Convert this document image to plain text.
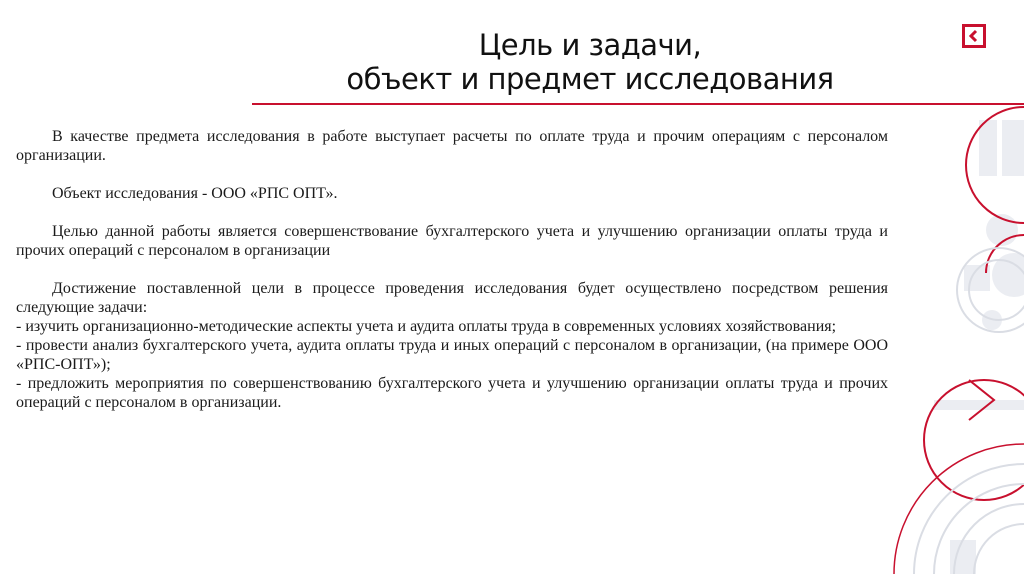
Цель и задачи,
объект и предмет исследования

В качестве предмета исследования в работе выступает расчеты по оплате труда и прочим операциям с персоналом организации.

Объект исследования - ООО «РПС ОПТ».

Целью данной работы является совершенствование бухгалтерского учета и улучшению организации оплаты труда и прочих операций с персоналом в организации

Достижение поставленной цели в процессе проведения исследования будет осуществлено посредством решения следующие задачи:

- изучить организационно-методические аспекты учета и аудита оплаты труда в современных условиях хозяйствования;

- провести анализ бухгалтерского учета, аудита оплаты труда и иных операций с персоналом в организации, (на примере ООО «РПС-ОПТ»);

- предложить мероприятия по совершенствованию бухгалтерского учета и улучшению организации оплаты труда и прочих операций с персоналом в организации.
